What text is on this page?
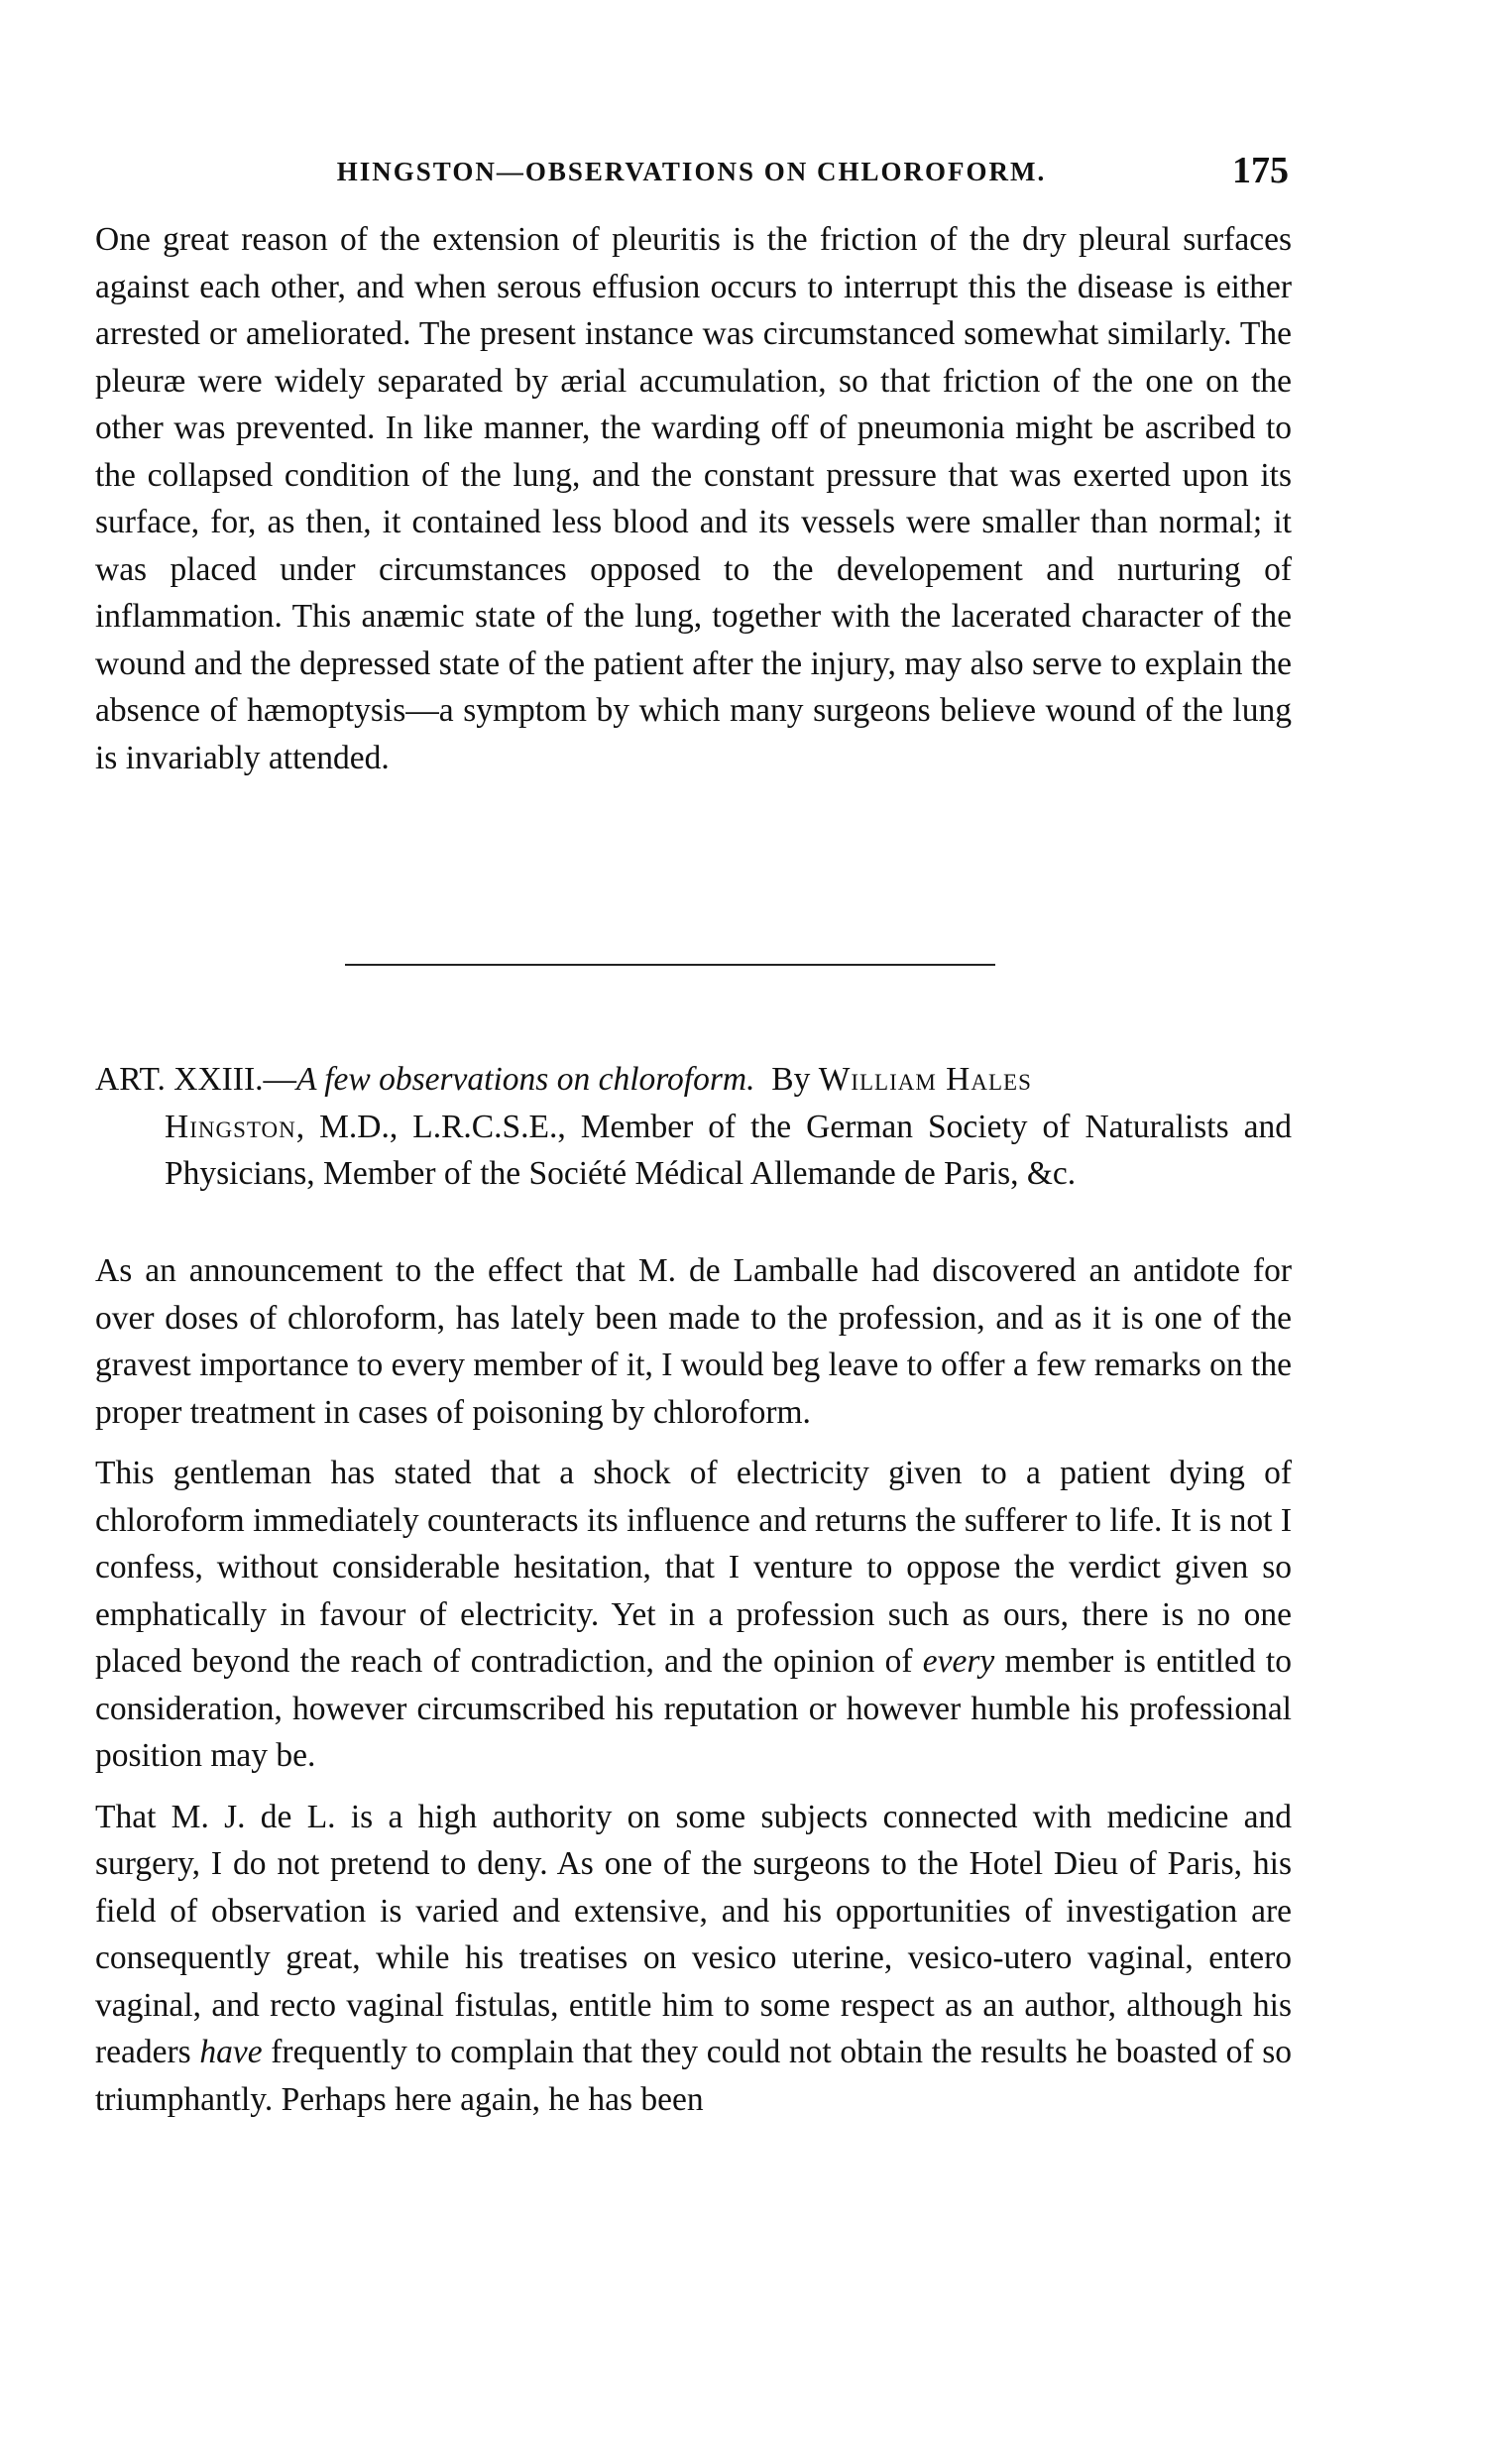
HINGSTON—OBSERVATIONS ON CHLOROFORM.	175

One great reason of the extension of pleuritis is the friction of the dry pleural surfaces against each other, and when serous effusion occurs to interrupt this the disease is either arrested or ameliorated. The present instance was circumstanced somewhat similarly. The pleuræ were widely separated by ærial accumulation, so that friction of the one on the other was prevented. In like manner, the warding off of pneumonia might be ascribed to the collapsed condition of the lung, and the constant pressure that was exerted upon its surface, for, as then, it contained less blood and its vessels were smaller than normal; it was placed under circumstances opposed to the developement and nurturing of inflammation. This anæmic state of the lung, together with the lacerated character of the wound and the depressed state of the patient after the injury, may also serve to explain the absence of hæmoptysis—a symptom by which many surgeons believe wound of the lung is invariably attended.

ART. XXIII.—A few observations on chloroform. By William Hales
Hingston, M.D., L.R.C.S.E., Member of the German Society of Naturalists and Physicians, Member of the Société Médical Allemande de Paris, &c.

As an announcement to the effect that M. de Lamballe had discovered an antidote for over doses of chloroform, has lately been made to the profession, and as it is one of the gravest importance to every member of it, I would beg leave to offer a few remarks on the proper treatment in cases of poisoning by chloroform.

This gentleman has stated that a shock of electricity given to a patient dying of chloroform immediately counteracts its influence and returns the sufferer to life. It is not I confess, without considerable hesitation, that I venture to oppose the verdict given so emphatically in favour of electricity. Yet in a profession such as ours, there is no one placed beyond the reach of contradiction, and the opinion of every member is entitled to consideration, however circumscribed his reputation or however humble his professional position may be.

That M. J. de L. is a high authority on some subjects connected with medicine and surgery, I do not pretend to deny. As one of the surgeons to the Hotel Dieu of Paris, his field of observation is varied and extensive, and his opportunities of investigation are consequently great, while his treatises on vesico uterine, vesico-utero vaginal, entero vaginal, and recto vaginal fistulas, entitle him to some respect as an author, although his readers have frequently to complain that they could not obtain the results he boasted of so triumphantly. Perhaps here again, he has been
